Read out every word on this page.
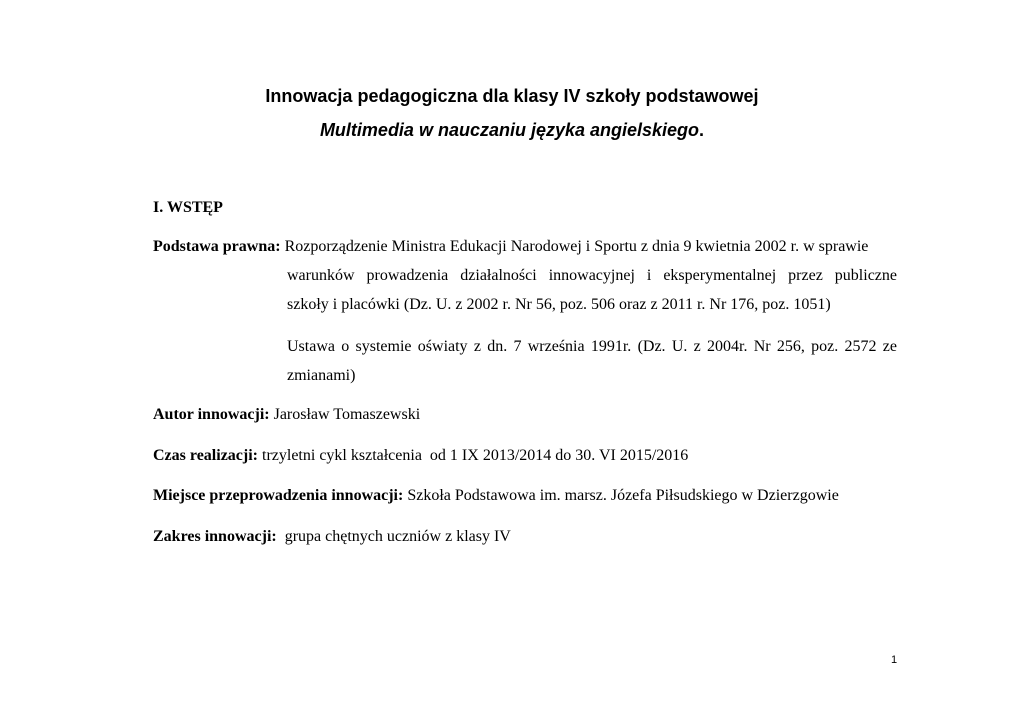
Innowacja pedagogiczna dla klasy IV szkoły podstawowej
Multimedia w nauczaniu języka angielskiego.
I. WSTĘP
Podstawa prawna: Rozporządzenie Ministra Edukacji Narodowej i Sportu z dnia 9 kwietnia 2002 r. w sprawie
warunków prowadzenia działalności innowacyjnej i eksperymentalnej przez publiczne
szkoły i placówki (Dz. U. z 2002 r. Nr 56, poz. 506 oraz z 2011 r. Nr 176, poz. 1051)
Ustawa o systemie oświaty z dn. 7 września 1991r. (Dz. U. z 2004r. Nr 256, poz. 2572 ze
zmianami)
Autor innowacji: Jarosław Tomaszewski
Czas realizacji: trzyletni cykl kształcenia  od 1 IX 2013/2014 do 30. VI 2015/2016
Miejsce przeprowadzenia innowacji: Szkoła Podstawowa im. marsz. Józefa Piłsudskiego w Dzierzgowie
Zakres innowacji:  grupa chętnych uczniów z klasy IV
1
